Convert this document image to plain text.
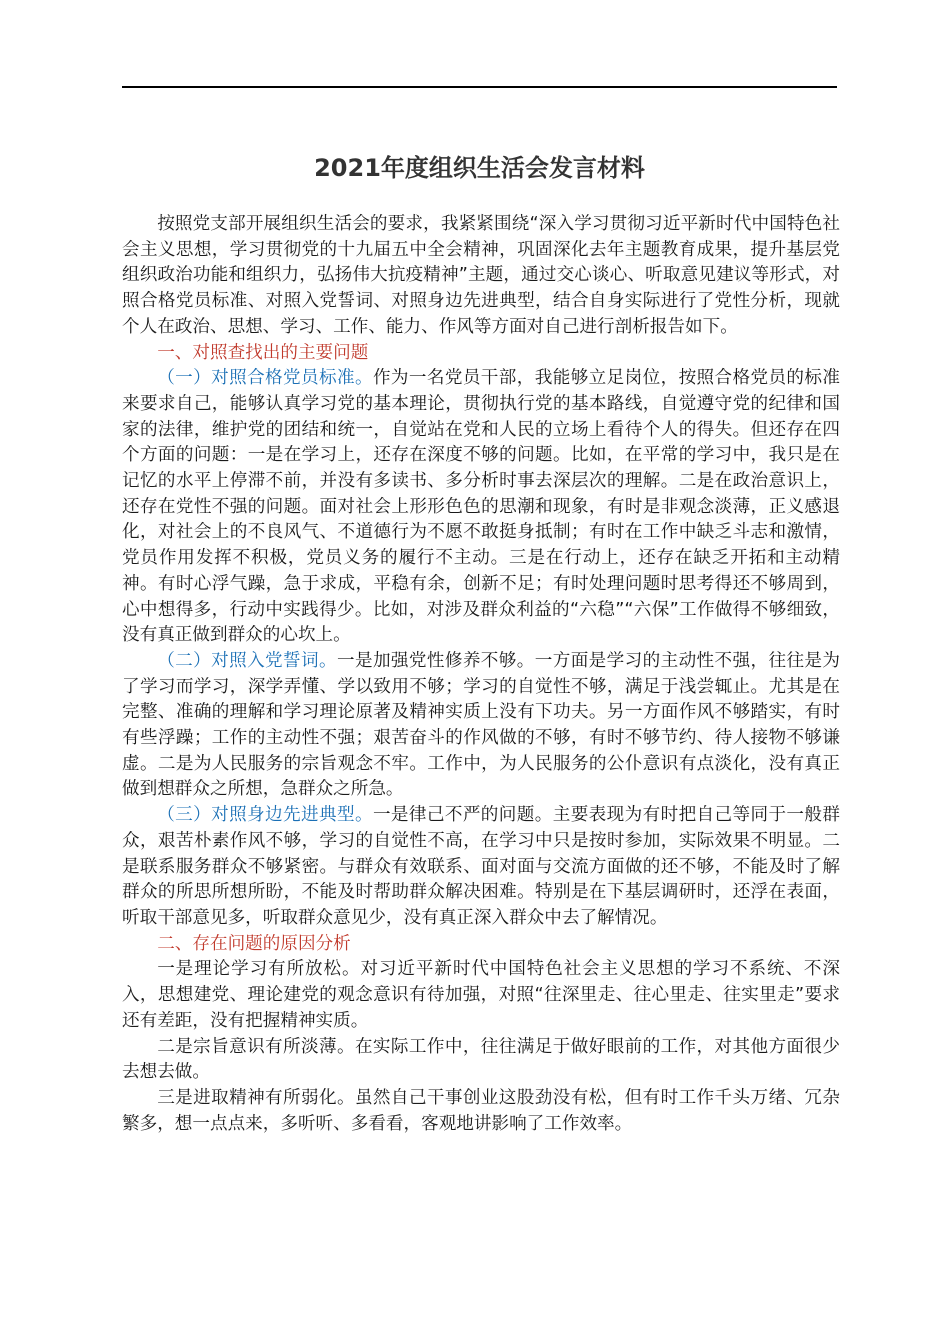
2021年度组织生活会发言材料

按照党支部开展组织生活会的要求，我紧紧围绕“深入学习贯彻习近平新时代中国特色社会主义思想，学习贯彻党的十九届五中全会精神，巩固深化去年主题教育成果，提升基层党组织政治功能和组织力，弘扬伟大抗疫精神”主题，通过交心谈心、听取意见建议等形式，对照合格党员标准、对照入党誓词、对照身边先进典型，结合自身实际进行了党性分析，现就个人在政治、思想、学习、工作、能力、作风等方面对自己进行剖析报告如下。

一、对照查找出的主要问题

（一）对照合格党员标准。作为一名党员干部，我能够立足岗位，按照合格党员的标准来要求自己，能够认真学习党的基本理论，贯彻执行党的基本路线，自觉遵守党的纪律和国家的法律，维护党的团结和统一，自觉站在党和人民的立场上看待个人的得失。但还存在四个方面的问题：一是在学习上，还存在深度不够的问题。比如，在平常的学习中，我只是在记忆的水平上停滞不前，并没有多读书、多分析时事去深层次的理解。二是在政治意识上，还存在党性不强的问题。面对社会上形形色色的思潮和现象，有时是非观念淡薄，正义感退化，对社会上的不良风气、不道德行为不愿不敢挺身抵制；有时在工作中缺乏斗志和激情，党员作用发挥不积极，党员义务的履行不主动。三是在行动上，还存在缺乏开拓和主动精神。有时心浮气躁，急于求成，平稳有余，创新不足；有时处理问题时思考得还不够周到，心中想得多，行动中实践得少。比如，对涉及群众利益的“六稳”“六保”工作做得不够细致，没有真正做到群众的心坎上。

（二）对照入党誓词。一是加强党性修养不够。一方面是学习的主动性不强，往往是为了学习而学习，深学弄懂、学以致用不够；学习的自觉性不够，满足于浅尝辄止。尤其是在完整、准确的理解和学习理论原著及精神实质上没有下功夫。另一方面作风不够踏实，有时有些浮躁；工作的主动性不强；艰苦奋斗的作风做的不够，有时不够节约、待人接物不够谦虚。二是为人民服务的宗旨观念不牢。工作中，为人民服务的公仆意识有点淡化，没有真正做到想群众之所想，急群众之所急。

（三）对照身边先进典型。一是律己不严的问题。主要表现为有时把自己等同于一般群众，艰苦朴素作风不够，学习的自觉性不高，在学习中只是按时参加，实际效果不明显。二是联系服务群众不够紧密。与群众有效联系、面对面与交流方面做的还不够，不能及时了解群众的所思所想所盼，不能及时帮助群众解决困难。特别是在下基层调研时，还浮在表面，听取干部意见多，听取群众意见少，没有真正深入群众中去了解情况。

二、存在问题的原因分析

一是理论学习有所放松。对习近平新时代中国特色社会主义思想的学习不系统、不深入，思想建党、理论建党的观念意识有待加强，对照“往深里走、往心里走、往实里走”要求还有差距，没有把握精神实质。

二是宗旨意识有所淡薄。在实际工作中，往往满足于做好眼前的工作，对其他方面很少去想去做。

三是进取精神有所弱化。虽然自己干事创业这股劲没有松，但有时工作千头万绪、冗杂繁多，想一点点来，多听听、多看看，客观地讲影响了工作效率。
